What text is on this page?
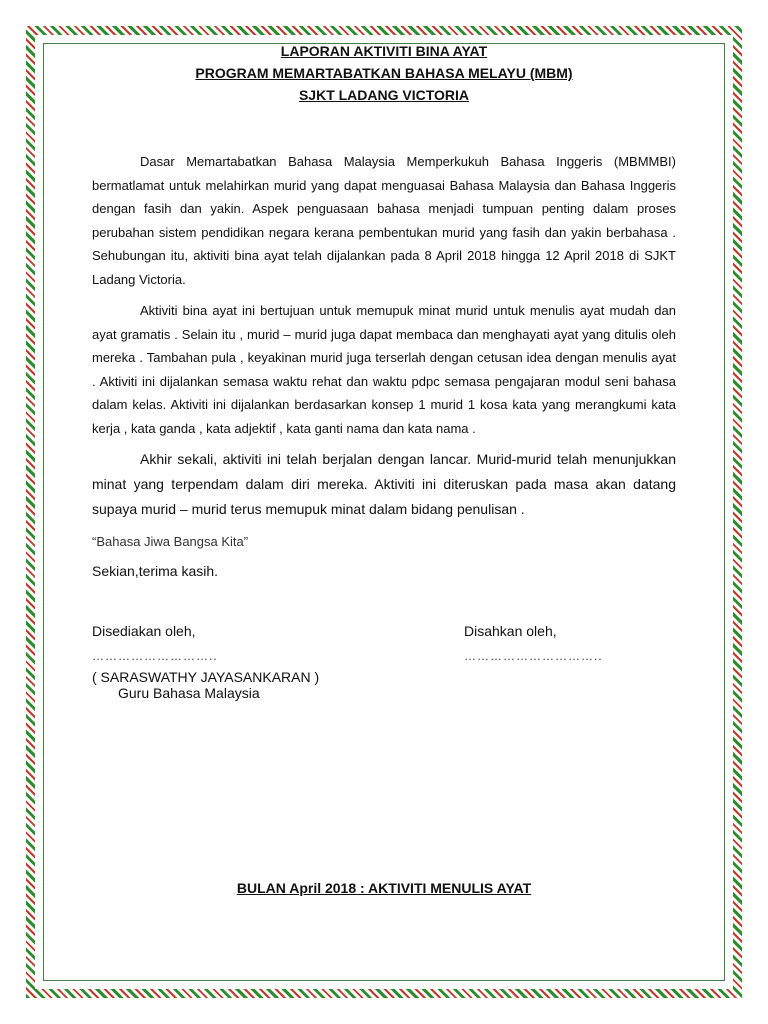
LAPORAN AKTIVITI BINA AYAT

PROGRAM MEMARTABATKAN BAHASA MELAYU (MBM)

SJKT LADANG VICTORIA

Dasar Memartabatkan Bahasa Malaysia Memperkukuh Bahasa Inggeris (MBMMBI) bermatlamat untuk melahirkan murid yang dapat menguasai Bahasa Malaysia dan Bahasa Inggeris dengan fasih dan yakin. Aspek penguasaan bahasa menjadi tumpuan penting dalam proses perubahan sistem pendidikan negara kerana pembentukan murid yang fasih dan yakin berbahasa . Sehubungan itu, aktiviti bina ayat telah dijalankan pada 8 April 2018 hingga 12 April 2018 di SJKT Ladang Victoria.

Aktiviti bina ayat ini bertujuan untuk memupuk minat murid untuk menulis ayat mudah dan ayat gramatis . Selain itu , murid – murid juga dapat membaca dan menghayati ayat yang ditulis oleh mereka . Tambahan pula , keyakinan murid juga terserlah dengan cetusan idea dengan menulis ayat . Aktiviti ini dijalankan semasa waktu rehat dan waktu pdpc semasa pengajaran modul seni bahasa dalam kelas. Aktiviti ini dijalankan berdasarkan konsep 1 murid 1 kosa kata yang merangkumi kata kerja , kata ganda , kata adjektif , kata ganti nama dan kata nama .

Akhir sekali, aktiviti ini telah berjalan dengan lancar. Murid-murid telah menunjukkan minat yang terpendam dalam diri mereka. Aktiviti ini diteruskan pada masa akan datang supaya murid – murid terus memupuk minat dalam bidang penulisan .

“Bahasa Jiwa Bangsa Kita”
Sekian,terima kasih.
Disediakan oleh,
………………………..
( SARASWATHY JAYASANKARAN )
Guru Bahasa Malaysia
Disahkan oleh,
…………………………..
BULAN April 2018 : AKTIVITI MENULIS AYAT
